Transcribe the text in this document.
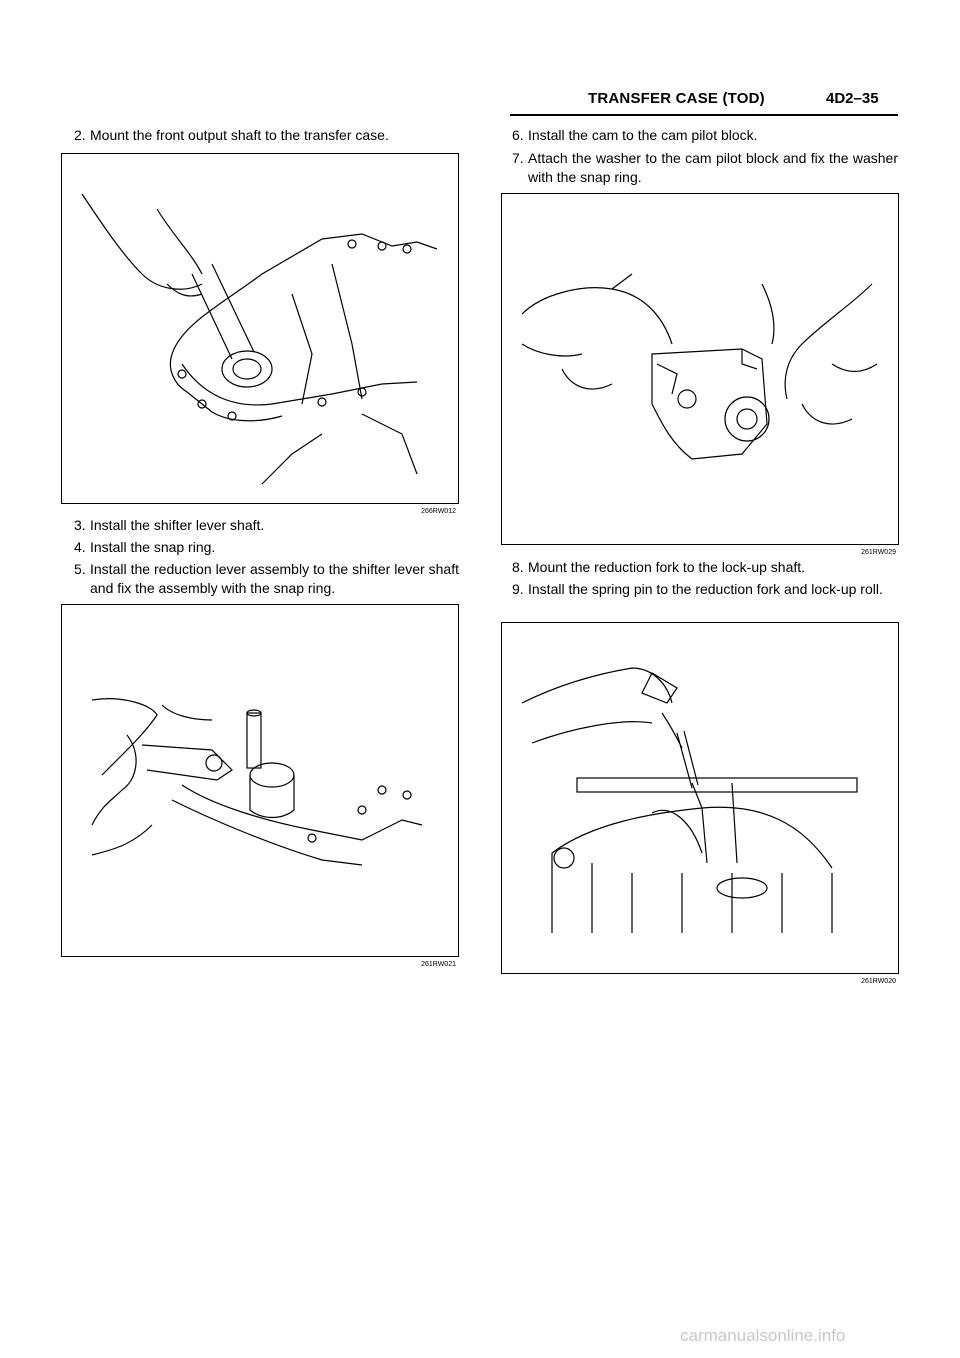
TRANSFER CASE (TOD)	4D2–35
2. Mount the front output shaft to the transfer case.
266RW012
3. Install the shifter lever shaft.
4. Install the snap ring.
5. Install the reduction lever assembly to the shifter lever shaft and fix the assembly with the snap ring.
261RW021
6. Install the cam to the cam pilot block.
7. Attach the washer to the cam pilot block and fix the washer with the snap ring.
261RW029
8. Mount the reduction fork to the lock-up shaft.
9. Install the spring pin to the reduction fork and lock-up roll.
261RW020
carmanualsonline.info
